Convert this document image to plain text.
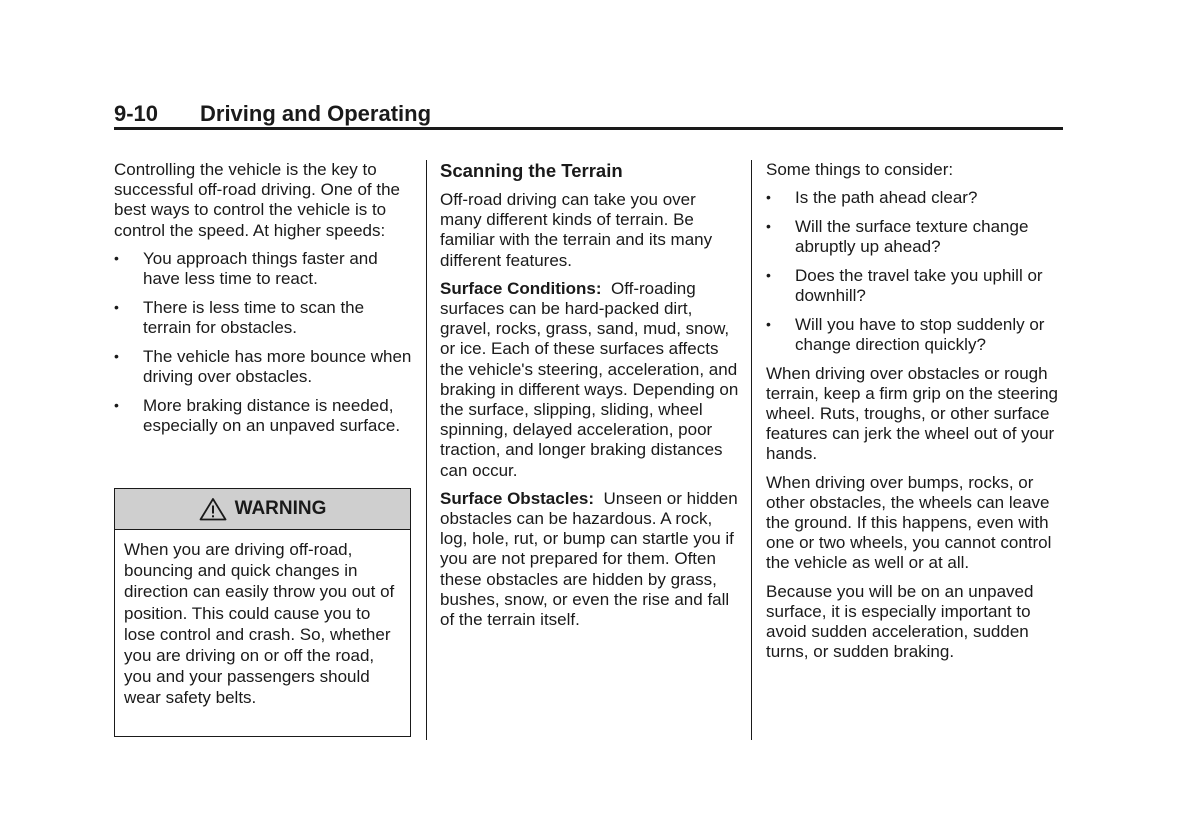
9-10 Driving and Operating

Controlling the vehicle is the key to successful off-road driving. One of the best ways to control the vehicle is to control the speed. At higher speeds:

• You approach things faster and have less time to react.
• There is less time to scan the terrain for obstacles.
• The vehicle has more bounce when driving over obstacles.
• More braking distance is needed, especially on an unpaved surface.
WARNING
When you are driving off-road, bouncing and quick changes in direction can easily throw you out of position. This could cause you to lose control and crash. So, whether you are driving on or off the road, you and your passengers should wear safety belts.
Scanning the Terrain

Off-road driving can take you over many different kinds of terrain. Be familiar with the terrain and its many different features.

Surface Conditions: Off-roading surfaces can be hard-packed dirt, gravel, rocks, grass, sand, mud, snow, or ice. Each of these surfaces affects the vehicle's steering, acceleration, and braking in different ways. Depending on the surface, slipping, sliding, wheel spinning, delayed acceleration, poor traction, and longer braking distances can occur.

Surface Obstacles: Unseen or hidden obstacles can be hazardous. A rock, log, hole, rut, or bump can startle you if you are not prepared for them. Often these obstacles are hidden by grass, bushes, snow, or even the rise and fall of the terrain itself.

Some things to consider:

• Is the path ahead clear?
• Will the surface texture change abruptly up ahead?
• Does the travel take you uphill or downhill?
• Will you have to stop suddenly or change direction quickly?

When driving over obstacles or rough terrain, keep a firm grip on the steering wheel. Ruts, troughs, or other surface features can jerk the wheel out of your hands.

When driving over bumps, rocks, or other obstacles, the wheels can leave the ground. If this happens, even with one or two wheels, you cannot control the vehicle as well or at all.

Because you will be on an unpaved surface, it is especially important to avoid sudden acceleration, sudden turns, or sudden braking.
